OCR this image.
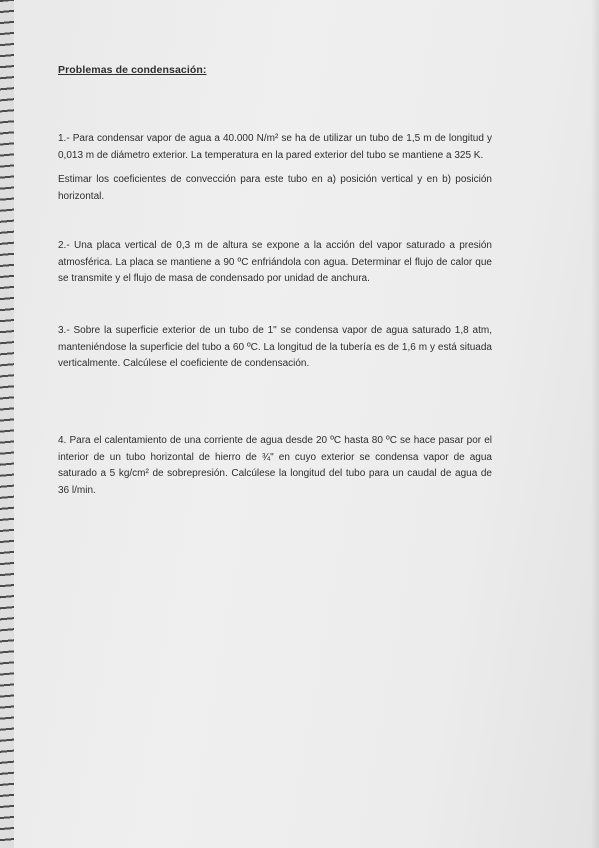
Problemas de condensación:

1.- Para condensar vapor de agua a 40.000 N/m² se ha de utilizar un tubo de 1,5 m de longitud y 0,013 m de diámetro exterior. La temperatura en la pared exterior del tubo se mantiene a 325 K.

Estimar los coeficientes de convección para este tubo en a) posición vertical y en b) posición horizontal.

2.- Una placa vertical de 0,3 m de altura se expone a la acción del vapor saturado a presión atmosférica. La placa se mantiene a 90 ºC enfriándola con agua. Determinar el flujo de calor que se transmite y el flujo de masa de condensado por unidad de anchura.

3.- Sobre la superficie exterior de un tubo de 1" se condensa vapor de agua saturado 1,8 atm, manteniéndose la superficie del tubo a 60 ºC. La longitud de la tubería es de 1,6 m y está situada verticalmente. Calcúlese el coeficiente de condensación.

4. Para el calentamiento de una corriente de agua desde 20 ºC hasta 80 ºC se hace pasar por el interior de un tubo horizontal de hierro de ¾" en cuyo exterior se condensa vapor de agua saturado a 5 kg/cm² de sobrepresión. Calcúlese la longitud del tubo para un caudal de agua de 36 l/min.
